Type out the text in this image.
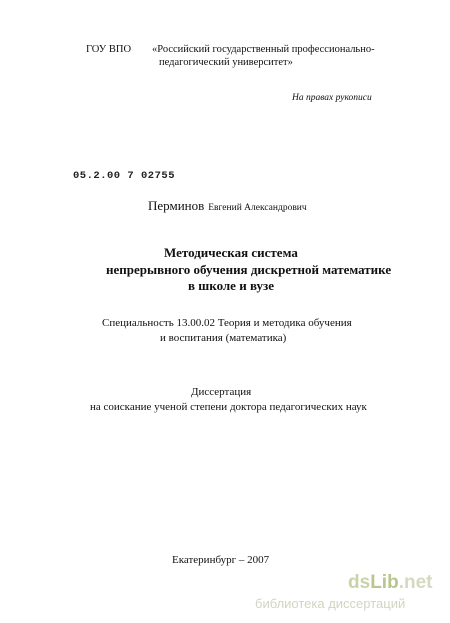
ГОУ ВПО «Российский государственный профессионально-
педагогический университет»
На правах рукописи
05.2.00 7 02755
Перминов Евгений Александрович
Методическая система
непрерывного обучения дискретной математике
в школе и вузе
Специальность 13.00.02 Теория и методика обучения
и воспитания (математика)
Диссертация
на соискание ученой степени доктора педагогических наук
Екатеринбург – 2007
dsLib.net
библиотека диссертаций
